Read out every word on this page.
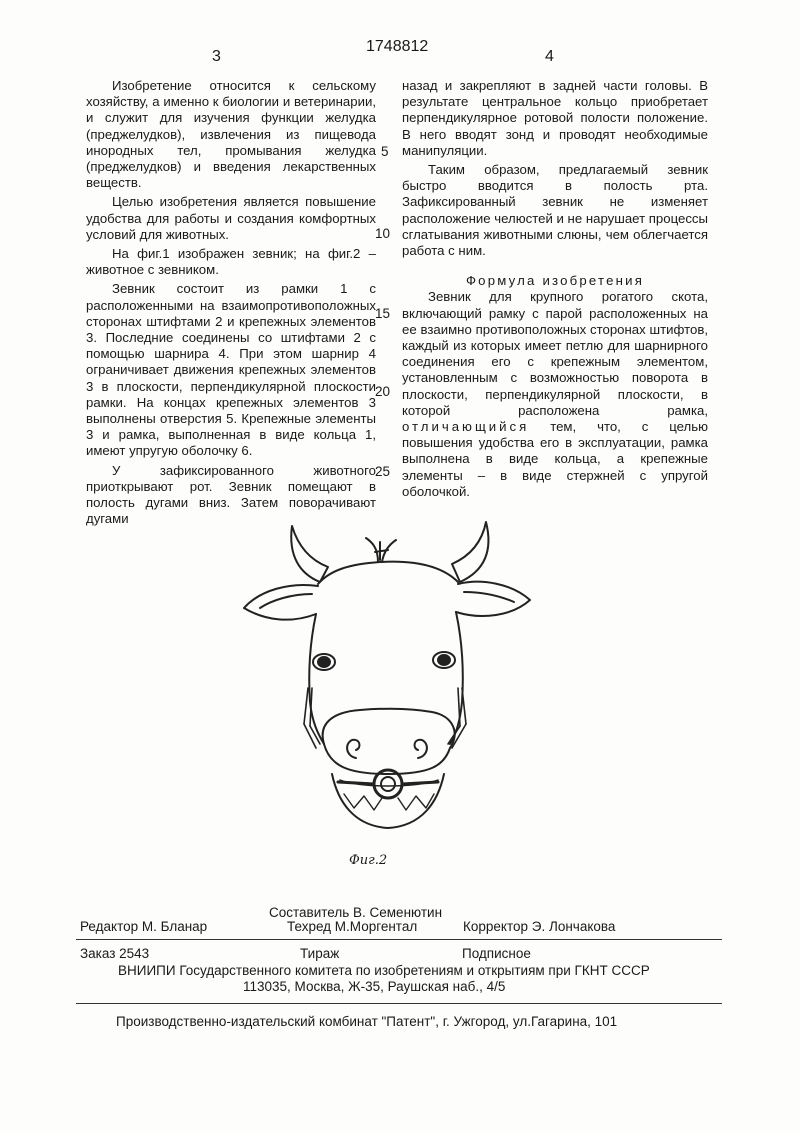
3
1748812
4

Изобретение относится к сельскому хозяйству, а именно к биологии и ветеринарии, и служит для изучения функции желудка (преджелудков), извлечения из пищевода инородных тел, промывания желудка (преджелудков) и введения лекарственных веществ.

Целью изобретения является повышение удобства для работы и создания комфортных условий для животных.

На фиг.1 изображен зевник; на фиг.2 – животное с зевником.

Зевник состоит из рамки 1 с расположенными на взаимопротивоположных сторонах штифтами 2 и крепежных элементов 3. Последние соединены со штифтами 2 с помощью шарнира 4. При этом шарнир 4 ограничивает движения крепежных элементов 3 в плоскости, перпендикулярной плоскости рамки. На концах крепежных элементов 3 выполнены отверстия 5. Крепежные элементы 3 и рамка, выполненная в виде кольца 1, имеют упругую оболочку 6.

У зафиксированного животного приоткрывают рот. Зевник помещают в полость дугами вниз. Затем поворачивают дугами

5
10
15
20
25

назад и закрепляют в задней части головы. В результате центральное кольцо приобретает перпендикулярное ротовой полости положение. В него вводят зонд и проводят необходимые манипуляции.

Таким образом, предлагаемый зевник быстро вводится в полость рта. Зафиксированный зевник не изменяет расположение челюстей и не нарушает процессы сглатывания животными слюны, чем облегчается работа с ним.

Формула изобретения

Зевник для крупного рогатого скота, включающий рамку с парой расположенных на ее взаимно противоположных сторонах штифтов, каждый из которых имеет петлю для шарнирного соединения его с крепежным элементом, установленным с возможностью поворота в плоскости, перпендикулярной плоскости, в которой расположена рамка, отличающийся тем, что, с целью повышения удобства его в эксплуатации, рамка выполнена в виде кольца, а крепежные элементы – в виде стержней с упругой оболочкой.

Фиг.2
Составитель В. Семенютин
Редактор М. Бланар	Техред М.Моргентал	Корректор Э. Лончакова
Заказ 2543	Тираж	Подписное
ВНИИПИ Государственного комитета по изобретениям и открытиям при ГКНТ СССР
113035, Москва, Ж-35, Раушская наб., 4/5
Производственно-издательский комбинат "Патент", г. Ужгород, ул.Гагарина, 101
